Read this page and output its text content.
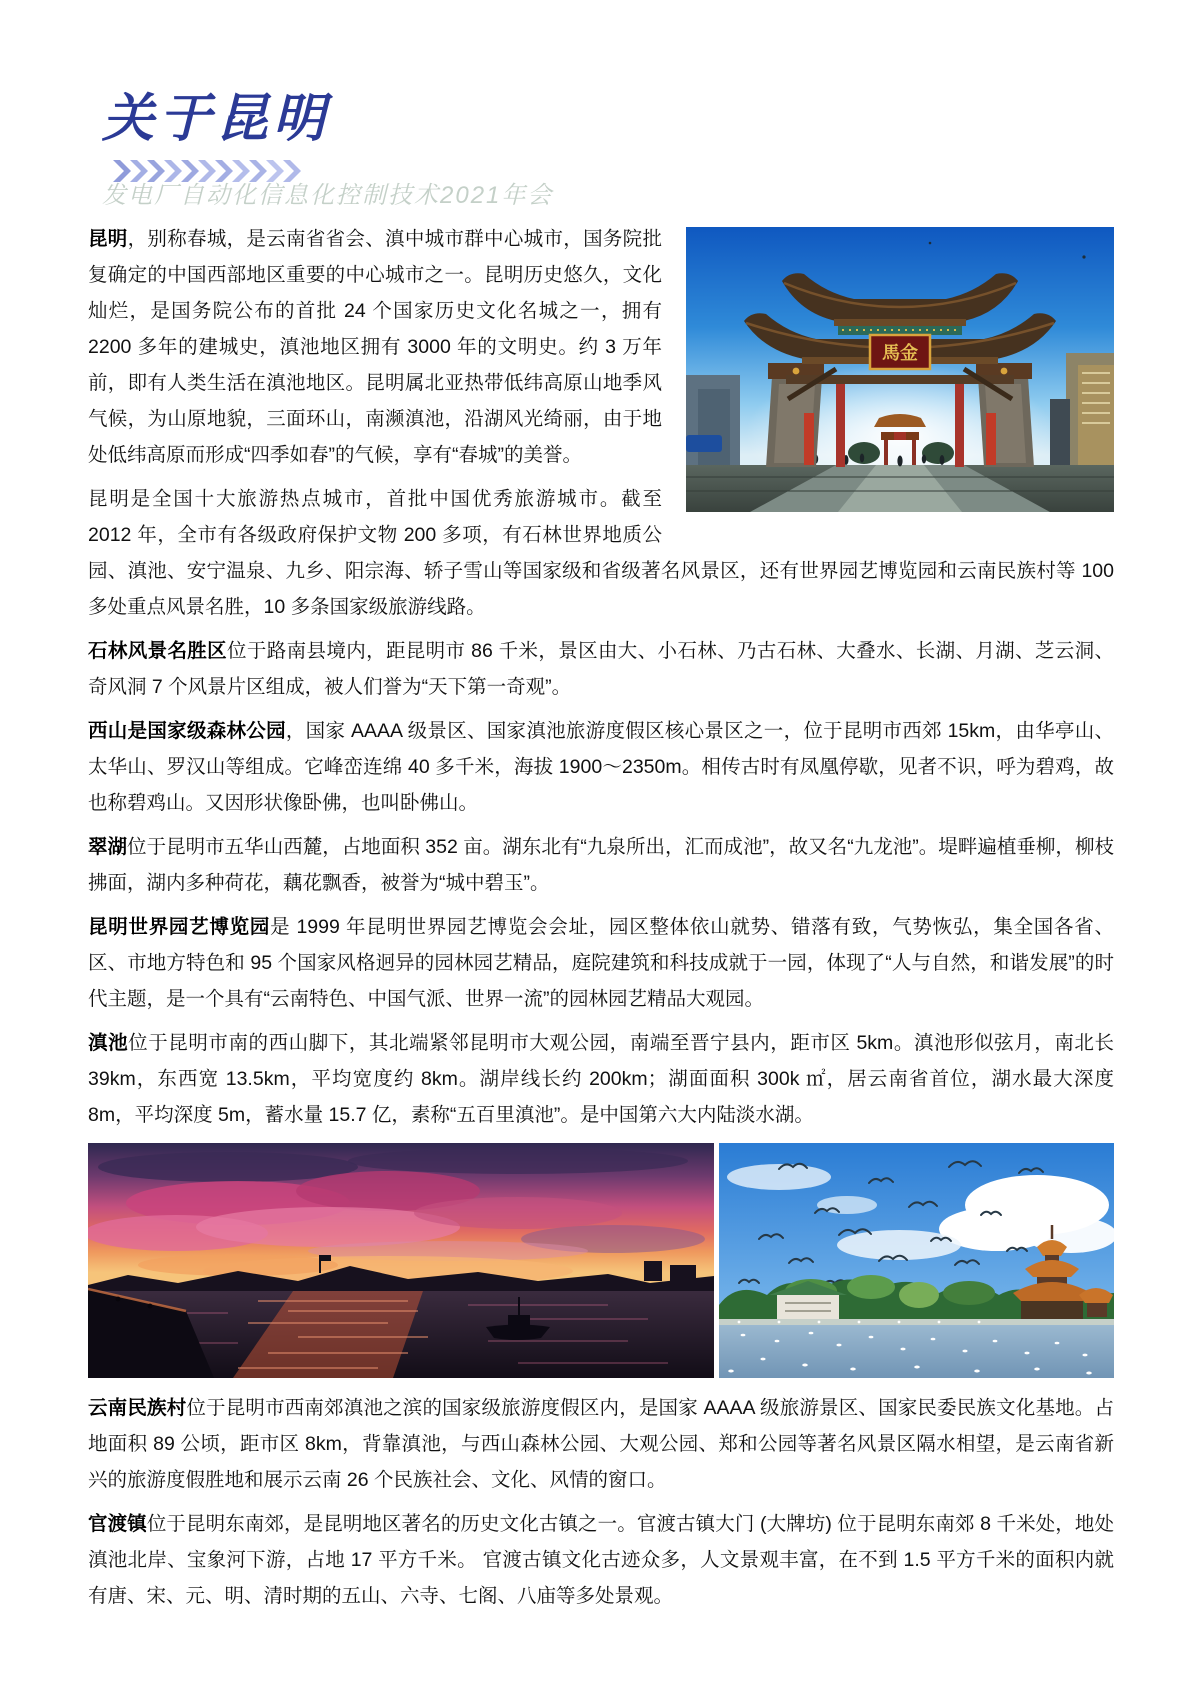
关于昆明
发电厂自动化信息化控制技术2021年会
馬金
昆明，别称春城，是云南省省会、滇中城市群中心城市，国务院批复确定的中国西部地区重要的中心城市之一。昆明历史悠久，文化灿烂，是国务院公布的首批 24 个国家历史文化名城之一，拥有 2200 多年的建城史，滇池地区拥有 3000 年的文明史。约 3 万年前，即有人类生活在滇池地区。昆明属北亚热带低纬高原山地季风气候，为山原地貌，三面环山，南濒滇池，沿湖风光绮丽，由于地处低纬高原而形成“四季如春”的气候，享有“春城”的美誉。
昆明是全国十大旅游热点城市，首批中国优秀旅游城市。截至 2012 年，全市有各级政府保护文物 200 多项，有石林世界地质公园、滇池、安宁温泉、九乡、阳宗海、轿子雪山等国家级和省级著名风景区，还有世界园艺博览园和云南民族村等 100 多处重点风景名胜，10 多条国家级旅游线路。
石林风景名胜区位于路南县境内，距昆明市 86 千米，景区由大、小石林、乃古石林、大叠水、长湖、月湖、芝云洞、奇风洞 7 个风景片区组成，被人们誉为“天下第一奇观”。
西山是国家级森林公园，国家 AAAA 级景区、国家滇池旅游度假区核心景区之一，位于昆明市西郊 15km，由华亭山、太华山、罗汉山等组成。它峰峦连绵 40 多千米，海拔 1900～2350m。相传古时有凤凰停歇，见者不识，呼为碧鸡，故也称碧鸡山。又因形状像卧佛，也叫卧佛山。
翠湖位于昆明市五华山西麓，占地面积 352 亩。湖东北有“九泉所出，汇而成池”，故又名“九龙池”。堤畔遍植垂柳，柳枝拂面，湖内多种荷花，藕花飘香，被誉为“城中碧玉”。
昆明世界园艺博览园是 1999 年昆明世界园艺博览会会址，园区整体依山就势、错落有致，气势恢弘，集全国各省、区、市地方特色和 95 个国家风格迥异的园林园艺精品，庭院建筑和科技成就于一园，体现了“人与自然，和谐发展”的时代主题，是一个具有“云南特色、中国气派、世界一流”的园林园艺精品大观园。
滇池位于昆明市南的西山脚下，其北端紧邻昆明市大观公园，南端至晋宁县内，距市区 5km。滇池形似弦月，南北长 39km，东西宽 13.5km，平均宽度约 8km。湖岸线长约 200km；湖面面积 300k ㎡，居云南省首位，湖水最大深度 8m，平均深度 5m，蓄水量 15.7 亿，素称“五百里滇池”。是中国第六大内陆淡水湖。
云南民族村位于昆明市西南郊滇池之滨的国家级旅游度假区内，是国家 AAAA 级旅游景区、国家民委民族文化基地。占地面积 89 公顷，距市区 8km，背靠滇池，与西山森林公园、大观公园、郑和公园等著名风景区隔水相望，是云南省新兴的旅游度假胜地和展示云南 26 个民族社会、文化、风情的窗口。
官渡镇位于昆明东南郊，是昆明地区著名的历史文化古镇之一。官渡古镇大门 (大牌坊) 位于昆明东南郊 8 千米处，地处滇池北岸、宝象河下游，占地 17 平方千米。 官渡古镇文化古迹众多，人文景观丰富，在不到 1.5 平方千米的面积内就有唐、宋、元、明、清时期的五山、六寺、七阁、八庙等多处景观。
